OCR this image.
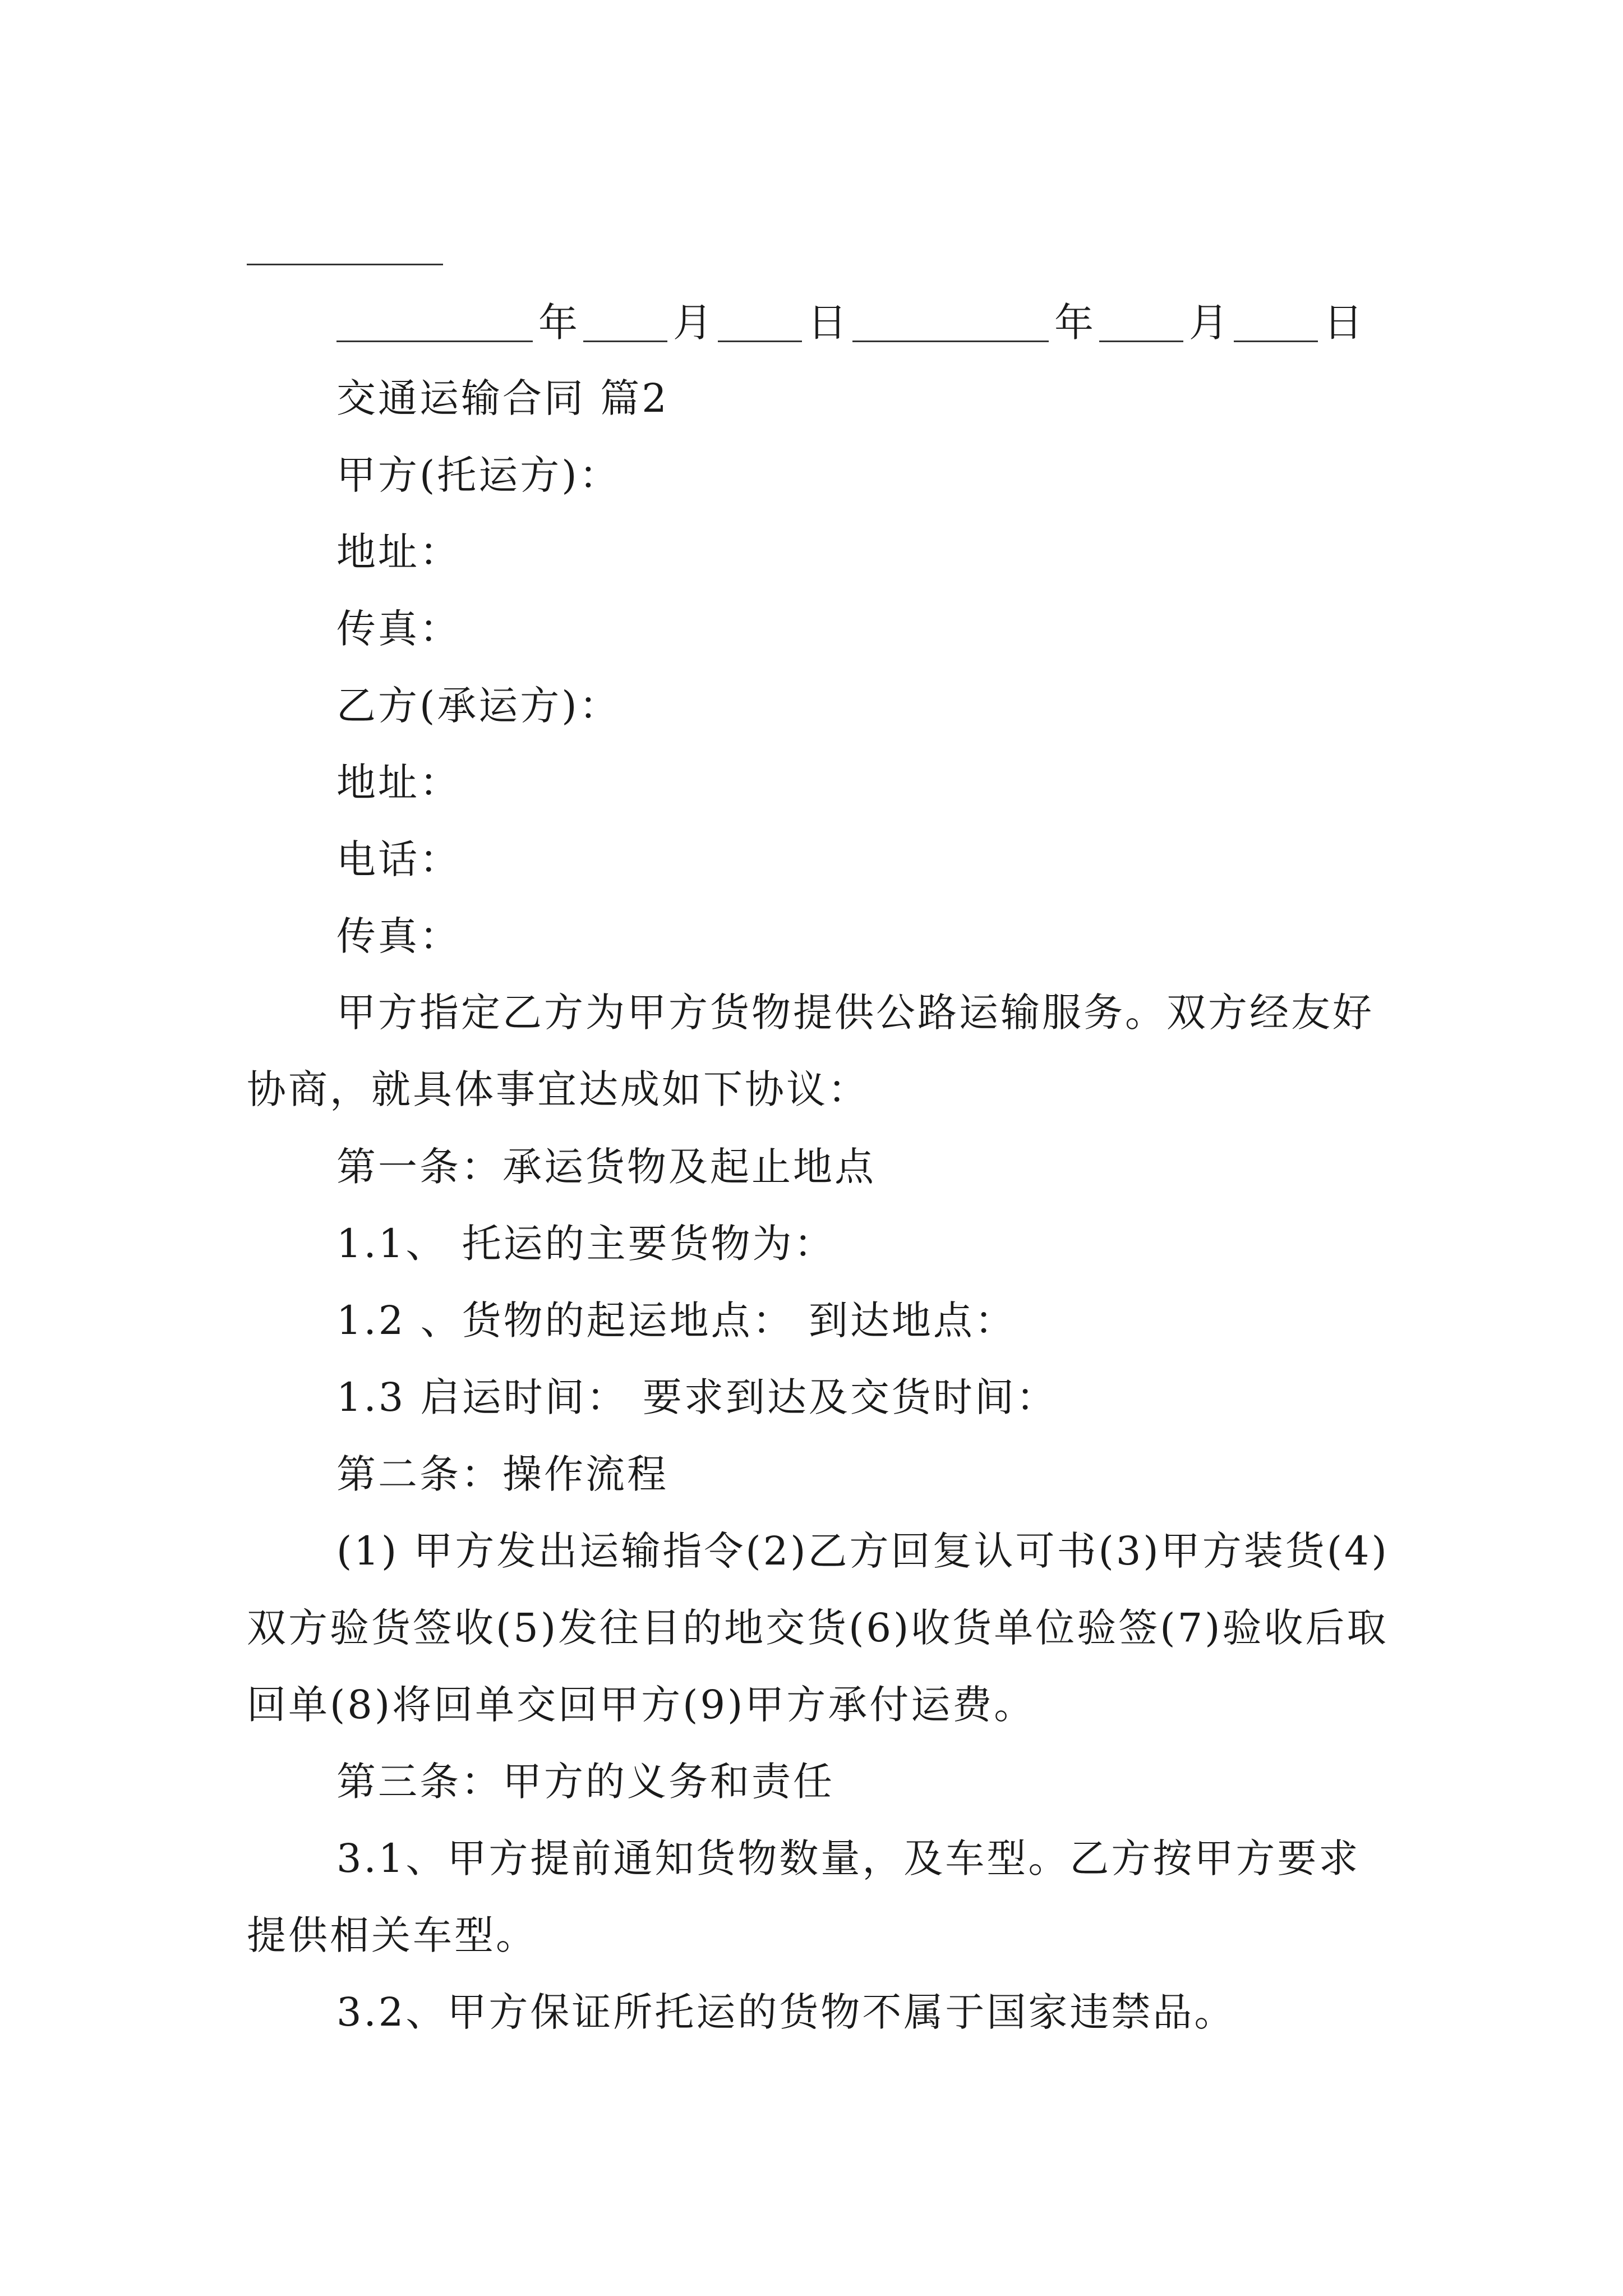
年 月 日	年 月 日
交通运输合同 篇2
甲方(托运方)：
地址：
传真：
乙方(承运方)：
地址：
电话：
传真：
甲方指定乙方为甲方货物提供公路运输服务。双方经友好协商，就具体事宜达成如下协议：
第一条：承运货物及起止地点
1.1、 托运的主要货物为：
1.2 、货物的起运地点： 到达地点：
1.3 启运时间： 要求到达及交货时间：
第二条：操作流程
(1) 甲方发出运输指令(2)乙方回复认可书(3)甲方装货(4)双方验货签收(5)发往目的地交货(6)收货单位验签(7)验收后取回单(8)将回单交回甲方(9)甲方承付运费。
第三条：甲方的义务和责任
3.1、甲方提前通知货物数量，及车型。乙方按甲方要求提供相关车型。
3.2、甲方保证所托运的货物不属于国家违禁品。
